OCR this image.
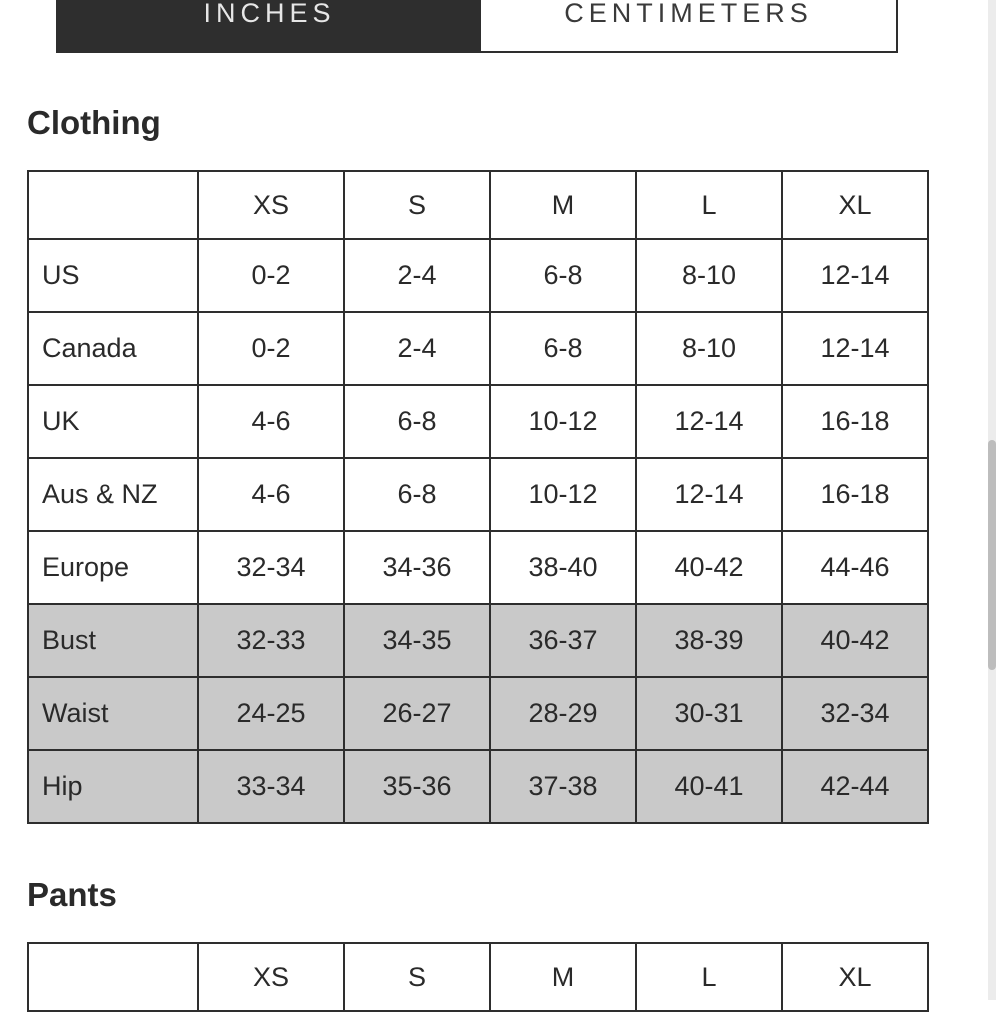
INCHES	CENTIMETERS
Clothing
	XS	S	M	L	XL
US	0-2	2-4	6-8	8-10	12-14
Canada	0-2	2-4	6-8	8-10	12-14
UK	4-6	6-8	10-12	12-14	16-18
Aus & NZ	4-6	6-8	10-12	12-14	16-18
Europe	32-34	34-36	38-40	40-42	44-46
Bust	32-33	34-35	36-37	38-39	40-42
Waist	24-25	26-27	28-29	30-31	32-34
Hip	33-34	35-36	37-38	40-41	42-44
Pants
	XS	S	M	L	XL
